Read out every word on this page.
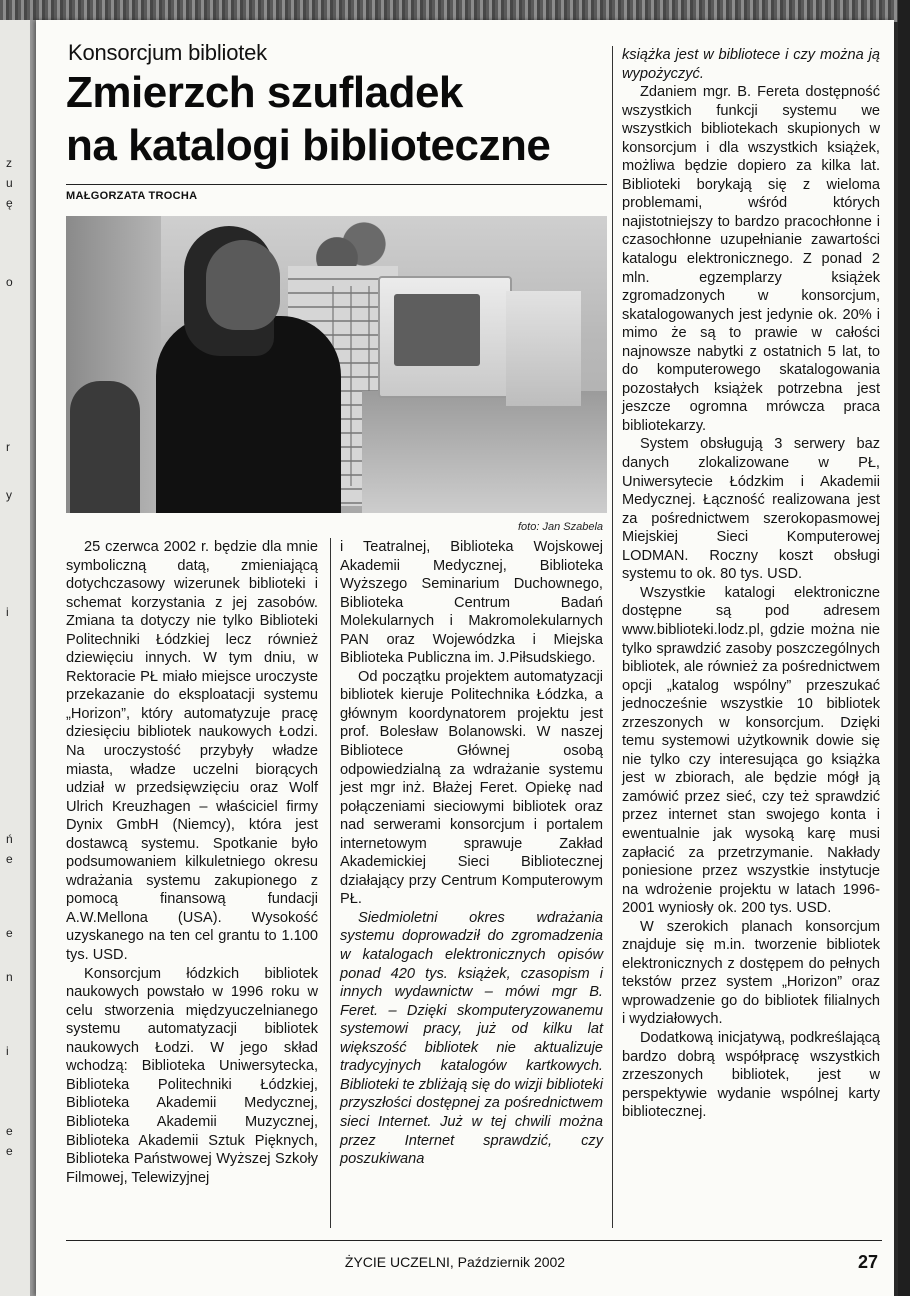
z
u
ę
o
r
y
i
ń
e
e
n
i
e
e
Konsorcjum bibliotek
Zmierzch szufladek
na katalogi biblioteczne
MAŁGORZATA TROCHA
foto: Jan Szabela

25 czerwca 2002 r. będzie dla mnie symboliczną datą, zmieniającą dotychczasowy wizerunek biblioteki i schemat korzystania z jej zasobów. Zmiana ta dotyczy nie tylko Biblioteki Politechniki Łódzkiej lecz również dziewięciu innych. W tym dniu, w Rektoracie PŁ miało miejsce uroczyste przekazanie do eksploatacji systemu „Horizon”, który automatyzuje pracę dziesięciu bibliotek naukowych Łodzi. Na uroczystość przybyły władze miasta, władze uczelni biorących udział w przedsięwzięciu oraz Wolf Ulrich Kreuzhagen – właściciel firmy Dynix GmbH (Niemcy), która jest dostawcą systemu. Spotkanie było podsumowaniem kilkuletniego okresu wdrażania systemu zakupionego z pomocą finansową fundacji A.W.Mellona (USA). Wysokość uzyskanego na ten cel grantu to 1.100 tys. USD.

Konsorcjum łódzkich bibliotek naukowych powstało w 1996 roku w celu stworzenia międzyuczelnianego systemu automatyzacji bibliotek naukowych Łodzi. W jego skład wchodzą: Biblioteka Uniwersytecka, Biblioteka Politechniki Łódzkiej, Biblioteka Akademii Medycznej, Biblioteka Akademii Muzycznej, Biblioteka Akademii Sztuk Pięknych, Biblioteka Państwowej Wyższej Szkoły Filmowej, Telewizyjnej

i Teatralnej, Biblioteka Wojskowej Akademii Medycznej, Biblioteka Wyższego Seminarium Duchownego, Biblioteka Centrum Badań Molekularnych i Makromolekularnych PAN oraz Wojewódzka i Miejska Biblioteka Publiczna im. J.Piłsudskiego.

Od początku projektem automatyzacji bibliotek kieruje Politechnika Łódzka, a głównym koordynatorem projektu jest prof. Bolesław Bolanowski. W naszej Bibliotece Głównej osobą odpowiedzialną za wdrażanie systemu jest mgr inż. Błażej Feret. Opiekę nad połączeniami sieciowymi bibliotek oraz nad serwerami konsorcjum i portalem internetowym sprawuje Zakład Akademickiej Sieci Bibliotecznej działający przy Centrum Komputerowym PŁ.

Siedmioletni okres wdrażania systemu doprowadził do zgromadzenia w katalogach elektronicznych opisów ponad 420 tys. książek, czasopism i innych wydawnictw – mówi mgr B. Feret. – Dzięki skomputeryzowanemu systemowi pracy, już od kilku lat większość bibliotek nie aktualizuje tradycyjnych katalogów kartkowych. Biblioteki te zbliżają się do wizji biblioteki przyszłości dostępnej za pośrednictwem sieci Internet. Już w tej chwili można przez Internet sprawdzić, czy poszukiwana

książka jest w bibliotece i czy można ją wypożyczyć.

Zdaniem mgr. B. Fereta dostępność wszystkich funkcji systemu we wszystkich bibliotekach skupionych w konsorcjum i dla wszystkich książek, możliwa będzie dopiero za kilka lat. Biblioteki borykają się z wieloma problemami, wśród których najistotniejszy to bardzo pracochłonne i czasochłonne uzupełnianie zawartości katalogu elektronicznego. Z ponad 2 mln. egzemplarzy książek zgromadzonych w konsorcjum, skatalogowanych jest jedynie ok. 20% i mimo że są to prawie w całości najnowsze nabytki z ostatnich 5 lat, to do komputerowego skatalogowania pozostałych książek potrzebna jest jeszcze ogromna mrówcza praca bibliotekarzy.

System obsługują 3 serwery baz danych zlokalizowane w PŁ, Uniwersytecie Łódzkim i Akademii Medycznej. Łączność realizowana jest za pośrednictwem szerokopasmowej Miejskiej Sieci Komputerowej LODMAN. Roczny koszt obsługi systemu to ok. 80 tys. USD.

Wszystkie katalogi elektroniczne dostępne są pod adresem www.biblioteki.lodz.pl, gdzie można nie tylko sprawdzić zasoby poszczególnych bibliotek, ale również za pośrednictwem opcji „katalog wspólny” przeszukać jednocześnie wszystkie 10 bibliotek zrzeszonych w konsorcjum. Dzięki temu systemowi użytkownik dowie się nie tylko czy interesująca go książka jest w zbiorach, ale będzie mógł ją zamówić przez sieć, czy też sprawdzić przez internet stan swojego konta i ewentualnie jak wysoką karę musi zapłacić za przetrzymanie. Nakłady poniesione przez wszystkie instytucje na wdrożenie projektu w latach 1996-2001 wyniosły ok. 200 tys. USD.

W szerokich planach konsorcjum znajduje się m.in. tworzenie bibliotek elektronicznych z dostępem do pełnych tekstów przez system „Horizon” oraz wprowadzenie go do bibliotek filialnych i wydziałowych.

Dodatkową inicjatywą, podkreślającą bardzo dobrą współpracę wszystkich zrzeszonych bibliotek, jest w perspektywie wydanie wspólnej karty bibliotecznej.

ŻYCIE UCZELNI, Październik 2002	27
